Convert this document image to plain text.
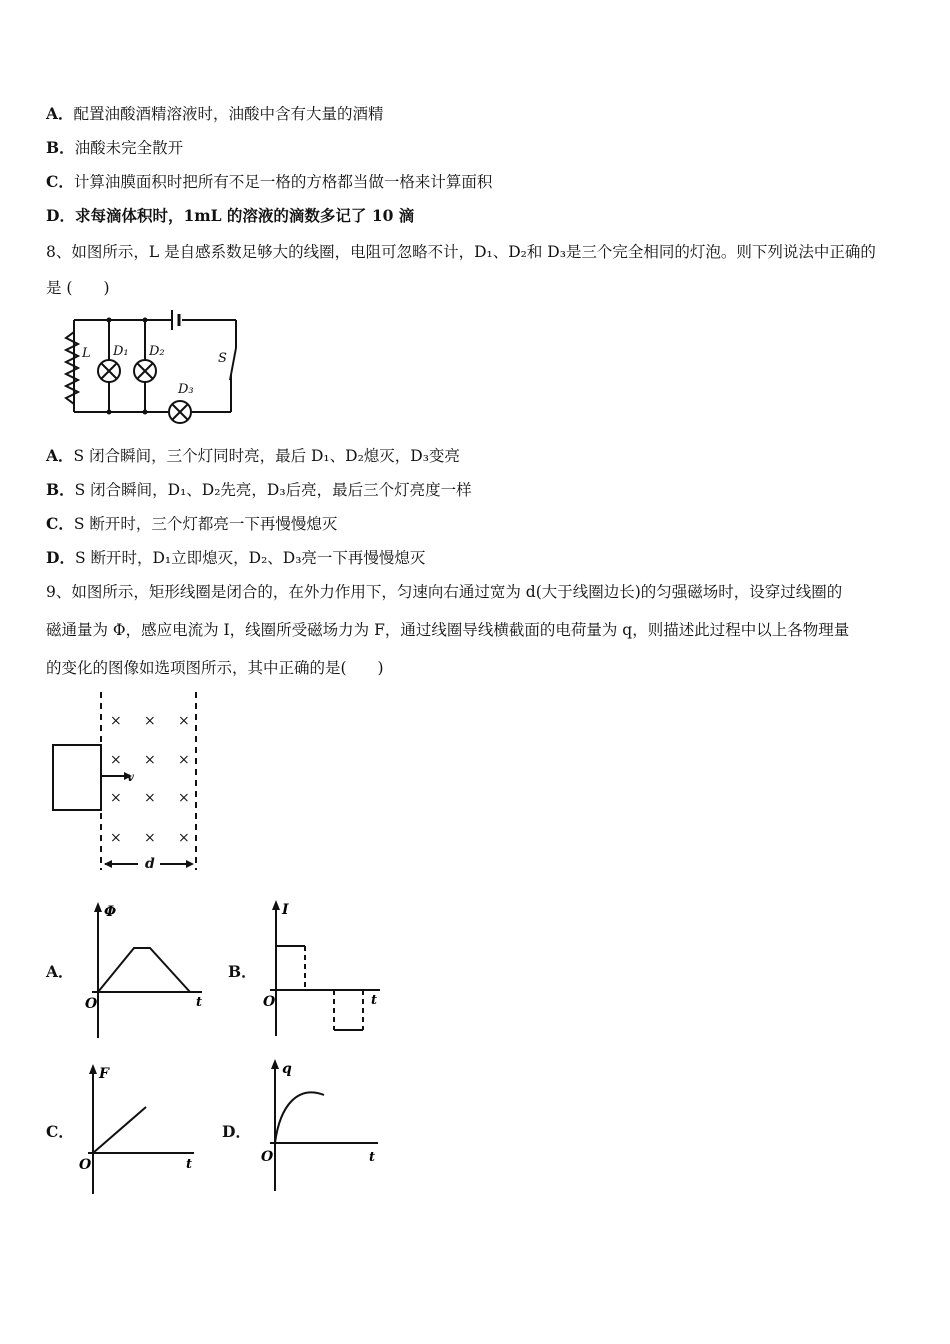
A．配置油酸酒精溶液时，油酸中含有大量的酒精
B．油酸未完全散开
C．计算油膜面积时把所有不足一格的方格都当做一格来计算面积
D．求每滴体积时，1mL 的溶液的滴数多记了 10 滴
8、如图所示，L 是自感系数足够大的线圈，电阻可忽略不计，D₁、D₂和 D₃是三个完全相同的灯泡。则下列说法中正确的
是 (　　)
L D₁ D₂
D₃
S
A．S 闭合瞬间，三个灯同时亮，最后 D₁、D₂熄灭，D₃变亮
B．S 闭合瞬间，D₁、D₂先亮，D₃后亮，最后三个灯亮度一样
C．S 断开时，三个灯都亮一下再慢慢熄灭
D．S 断开时，D₁立即熄灭，D₂、D₃亮一下再慢慢熄灭
9、如图所示，矩形线圈是闭合的，在外力作用下，匀速向右通过宽为 d(大于线圈边长)的匀强磁场时，设穿过线圈的
磁通量为 Φ，感应电流为 I，线圈所受磁场力为 F，通过线圈导线横截面的电荷量为 q，则描述此过程中以上各物理量
的变化的图像如选项图所示，其中正确的是(　　)
× × ×
× × ×
× × ×
× × ×
v
d
A．	B．
C．	D．
Φ
t
O
I
t
O
F
t
O
q
t
O
